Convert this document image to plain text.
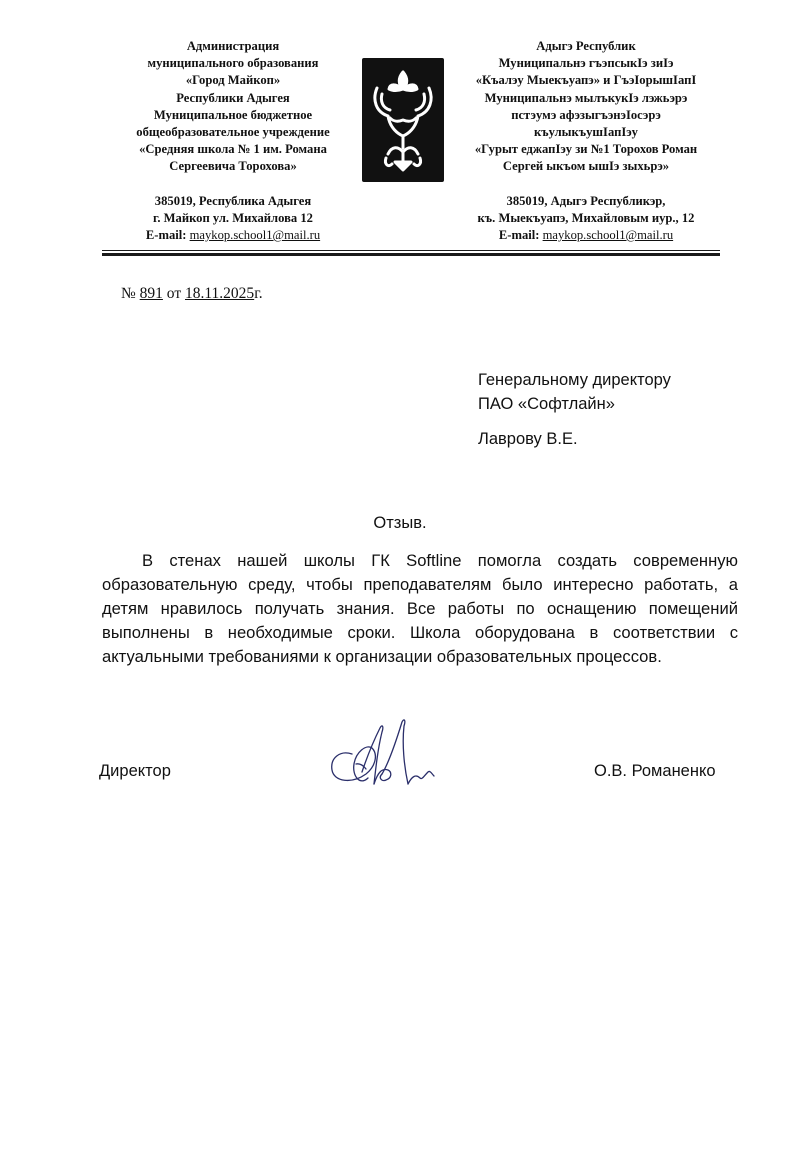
Администрация
муниципального образования
«Город Майкоп»
Республики Адыгея
Муниципальное бюджетное
общеобразовательное учреждение
«Средняя школа № 1 им. Романа
Сергеевича Торохова»
385019, Республика Адыгея
г. Майкоп ул. Михайлова 12
E-mail: maykop.school1@mail.ru
Адыгэ Республик
Муниципальнэ гъэпсыкIэ зиIэ
«Къалэу Мыекъуапэ» и ГъэIорышIапI
Муниципальнэ мылъкукIэ лэжьэрэ
пстэумэ афэзыгъэнэIосэрэ
къулыкъушIапIэу
«Гурыт еджапIэу зи №1 Торохов Роман
Сергей ыкъом ышIэ зыхьрэ»
385019, Адыгэ Республикэр,
къ. Мыекъуапэ, Михайловым иур., 12
E-mail: maykop.school1@mail.ru
№ 891 от 18.11.2025г.
Генеральному директору
ПАО «Софтлайн»
Лаврову В.Е.
Отзыв.
В стенах нашей школы ГК Softline помогла создать современную образовательную среду, чтобы преподавателям было интересно работать, а детям нравилось получать знания. Все работы по оснащению помещений выполнены в необходимые сроки. Школа оборудована в соответствии с актуальными требованиями к организации образовательных процессов.
Директор	О.В. Романенко
